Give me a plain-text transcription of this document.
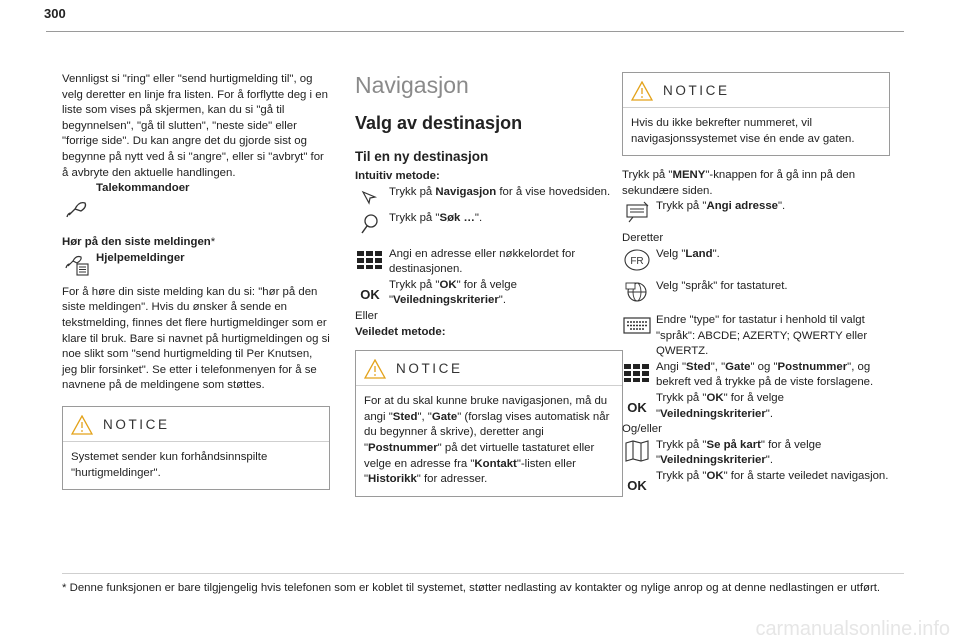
300

Vennligst si "ring" eller "send hurtigmelding til", og velg deretter en linje fra listen. For å forflytte deg i en liste som vises på skjermen, kan du si "gå til begynnelsen", "gå til slutten", "neste side" eller "forrige side". Du kan angre det du gjorde sist og begynne på nytt ved å si "angre", eller si "avbryt" for å avbryte den aktuelle handlingen.

Talekommandoer

Hør på den siste meldingen*

Hjelpemeldinger

For å høre din siste melding kan du si: "hør på den siste meldingen". Hvis du ønsker å sende en tekstmelding, finnes det flere hurtigmeldinger som er klare til bruk. Bare si navnet på hurtigmeldingen og si noe slikt som "send hurtigmelding til Per Knutsen, jeg blir forsinket". Se etter i telefonmenyen for å se navnene på de meldingene som støttes.

NOTICE

Systemet sender kun forhåndsinnspilte "hurtigmeldinger".

Navigasjon
Valg av destinasjon
Til en ny destinasjon

Intuitiv metode:

Trykk på Navigasjon for å vise hovedsiden.

Trykk på "Søk …".

Angi en adresse eller nøkkelordet for destinasjonen.

OK

Trykk på "OK" for å velge "Veiledningskriterier".

Eller

Veiledet metode:

NOTICE

For at du skal kunne bruke navigasjonen, må du angi "Sted", "Gate" (forslag vises automatisk når du begynner å skrive), deretter angi "Postnummer" på det virtuelle tastaturet eller velge en adresse fra "Kontakt"-listen eller "Historikk" for adresser.

NOTICE

Hvis du ikke bekrefter nummeret, vil navigasjonssystemet vise én ende av gaten.

Trykk på "MENY"-knappen for å gå inn på den sekundære siden.

Trykk på "Angi adresse".

Deretter

FR

Velg "Land".

Velg "språk" for tastaturet.

Endre "type" for tastatur i henhold til valgt "språk": ABCDE; AZERTY; QWERTY eller QWERTZ.

Angi "Sted", "Gate" og "Postnummer", og bekreft ved å trykke på de viste forslagene.

OK

Trykk på "OK" for å velge "Veiledningskriterier".

Og/eller

Trykk på "Se på kart" for å velge "Veiledningskriterier".

OK

Trykk på "OK" for å starte veiledet navigasjon.

* Denne funksjonen er bare tilgjengelig hvis telefonen som er koblet til systemet, støtter nedlasting av kontakter og nylige anrop og at denne nedlastingen er utført.

carmanualsonline.info
